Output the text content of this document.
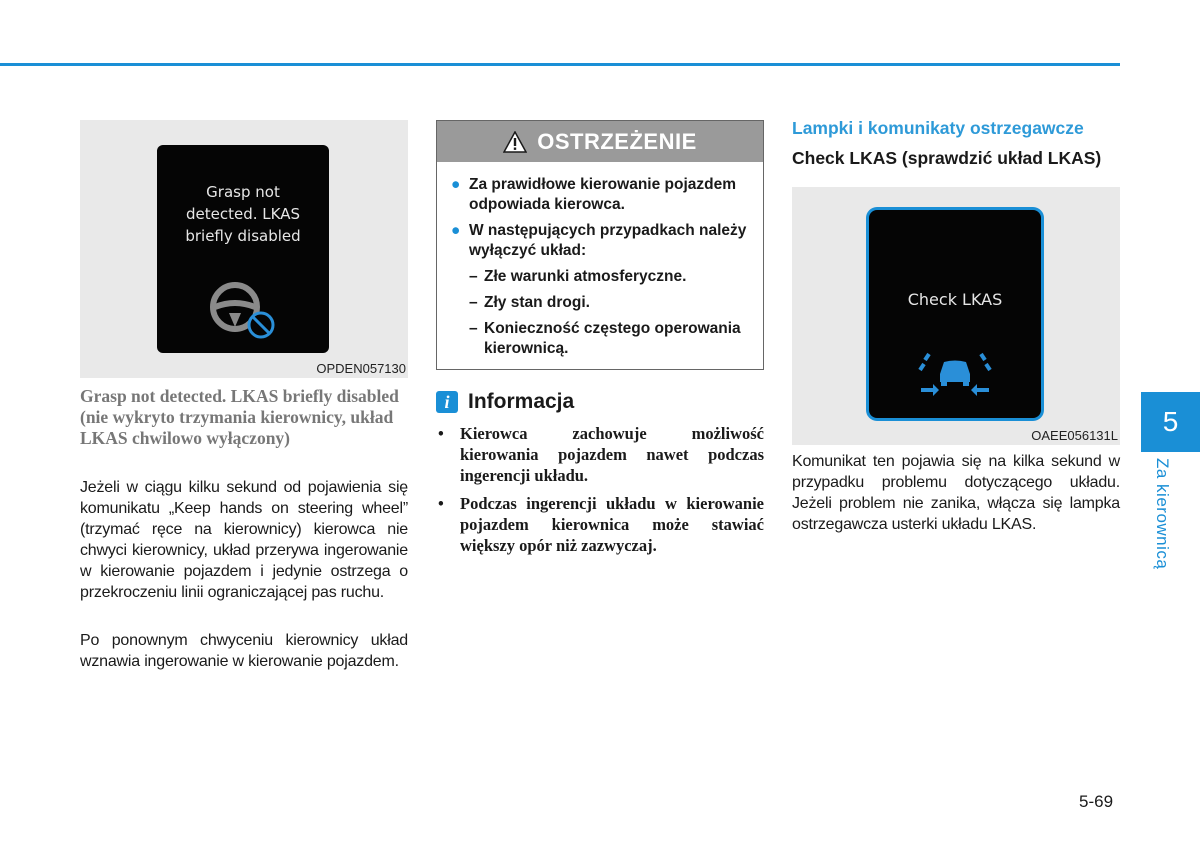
Grasp not
detected. LKAS
briefly disabled
OPDEN057130
Grasp not detected. LKAS briefly disabled (nie wykryto trzymania kierownicy, układ LKAS chwilowo wyłączony)
Jeżeli w ciągu kilku sekund od pojawienia się komunikatu „Keep hands on steering wheel” (trzymać ręce na kierownicy) kierowca nie chwyci kierownicy, układ przerywa ingerowanie w kierowanie pojazdem i jedynie ostrzega o przekroczeniu linii ograniczającej pas ruchu.
Po ponownym chwyceniu kierownicy układ wznawia ingerowanie w kierowanie pojazdem.
OSTRZEŻENIE
● Za prawidłowe kierowanie pojazdem odpowiada kierowca.
● W następujących przypadkach należy wyłączyć układ:
– Złe warunki atmosferyczne.
– Zły stan drogi.
– Konieczność częstego operowania kierownicą.
i Informacja
• Kierowca zachowuje możliwość kierowania pojazdem nawet podczas ingerencji układu.
• Podczas ingerencji układu w kierowanie pojazdem kierownica może stawiać większy opór niż zazwyczaj.
Lampki i komunikaty ostrzegawcze
Check LKAS (sprawdzić układ LKAS)
Check LKAS
OAEE056131L
Komunikat ten pojawia się na kilka sekund w przypadku problemu dotyczącego układu. Jeżeli problem nie zanika, włącza się lampka ostrzegawcza usterki układu LKAS.
5
Za kierownicą
5-69
